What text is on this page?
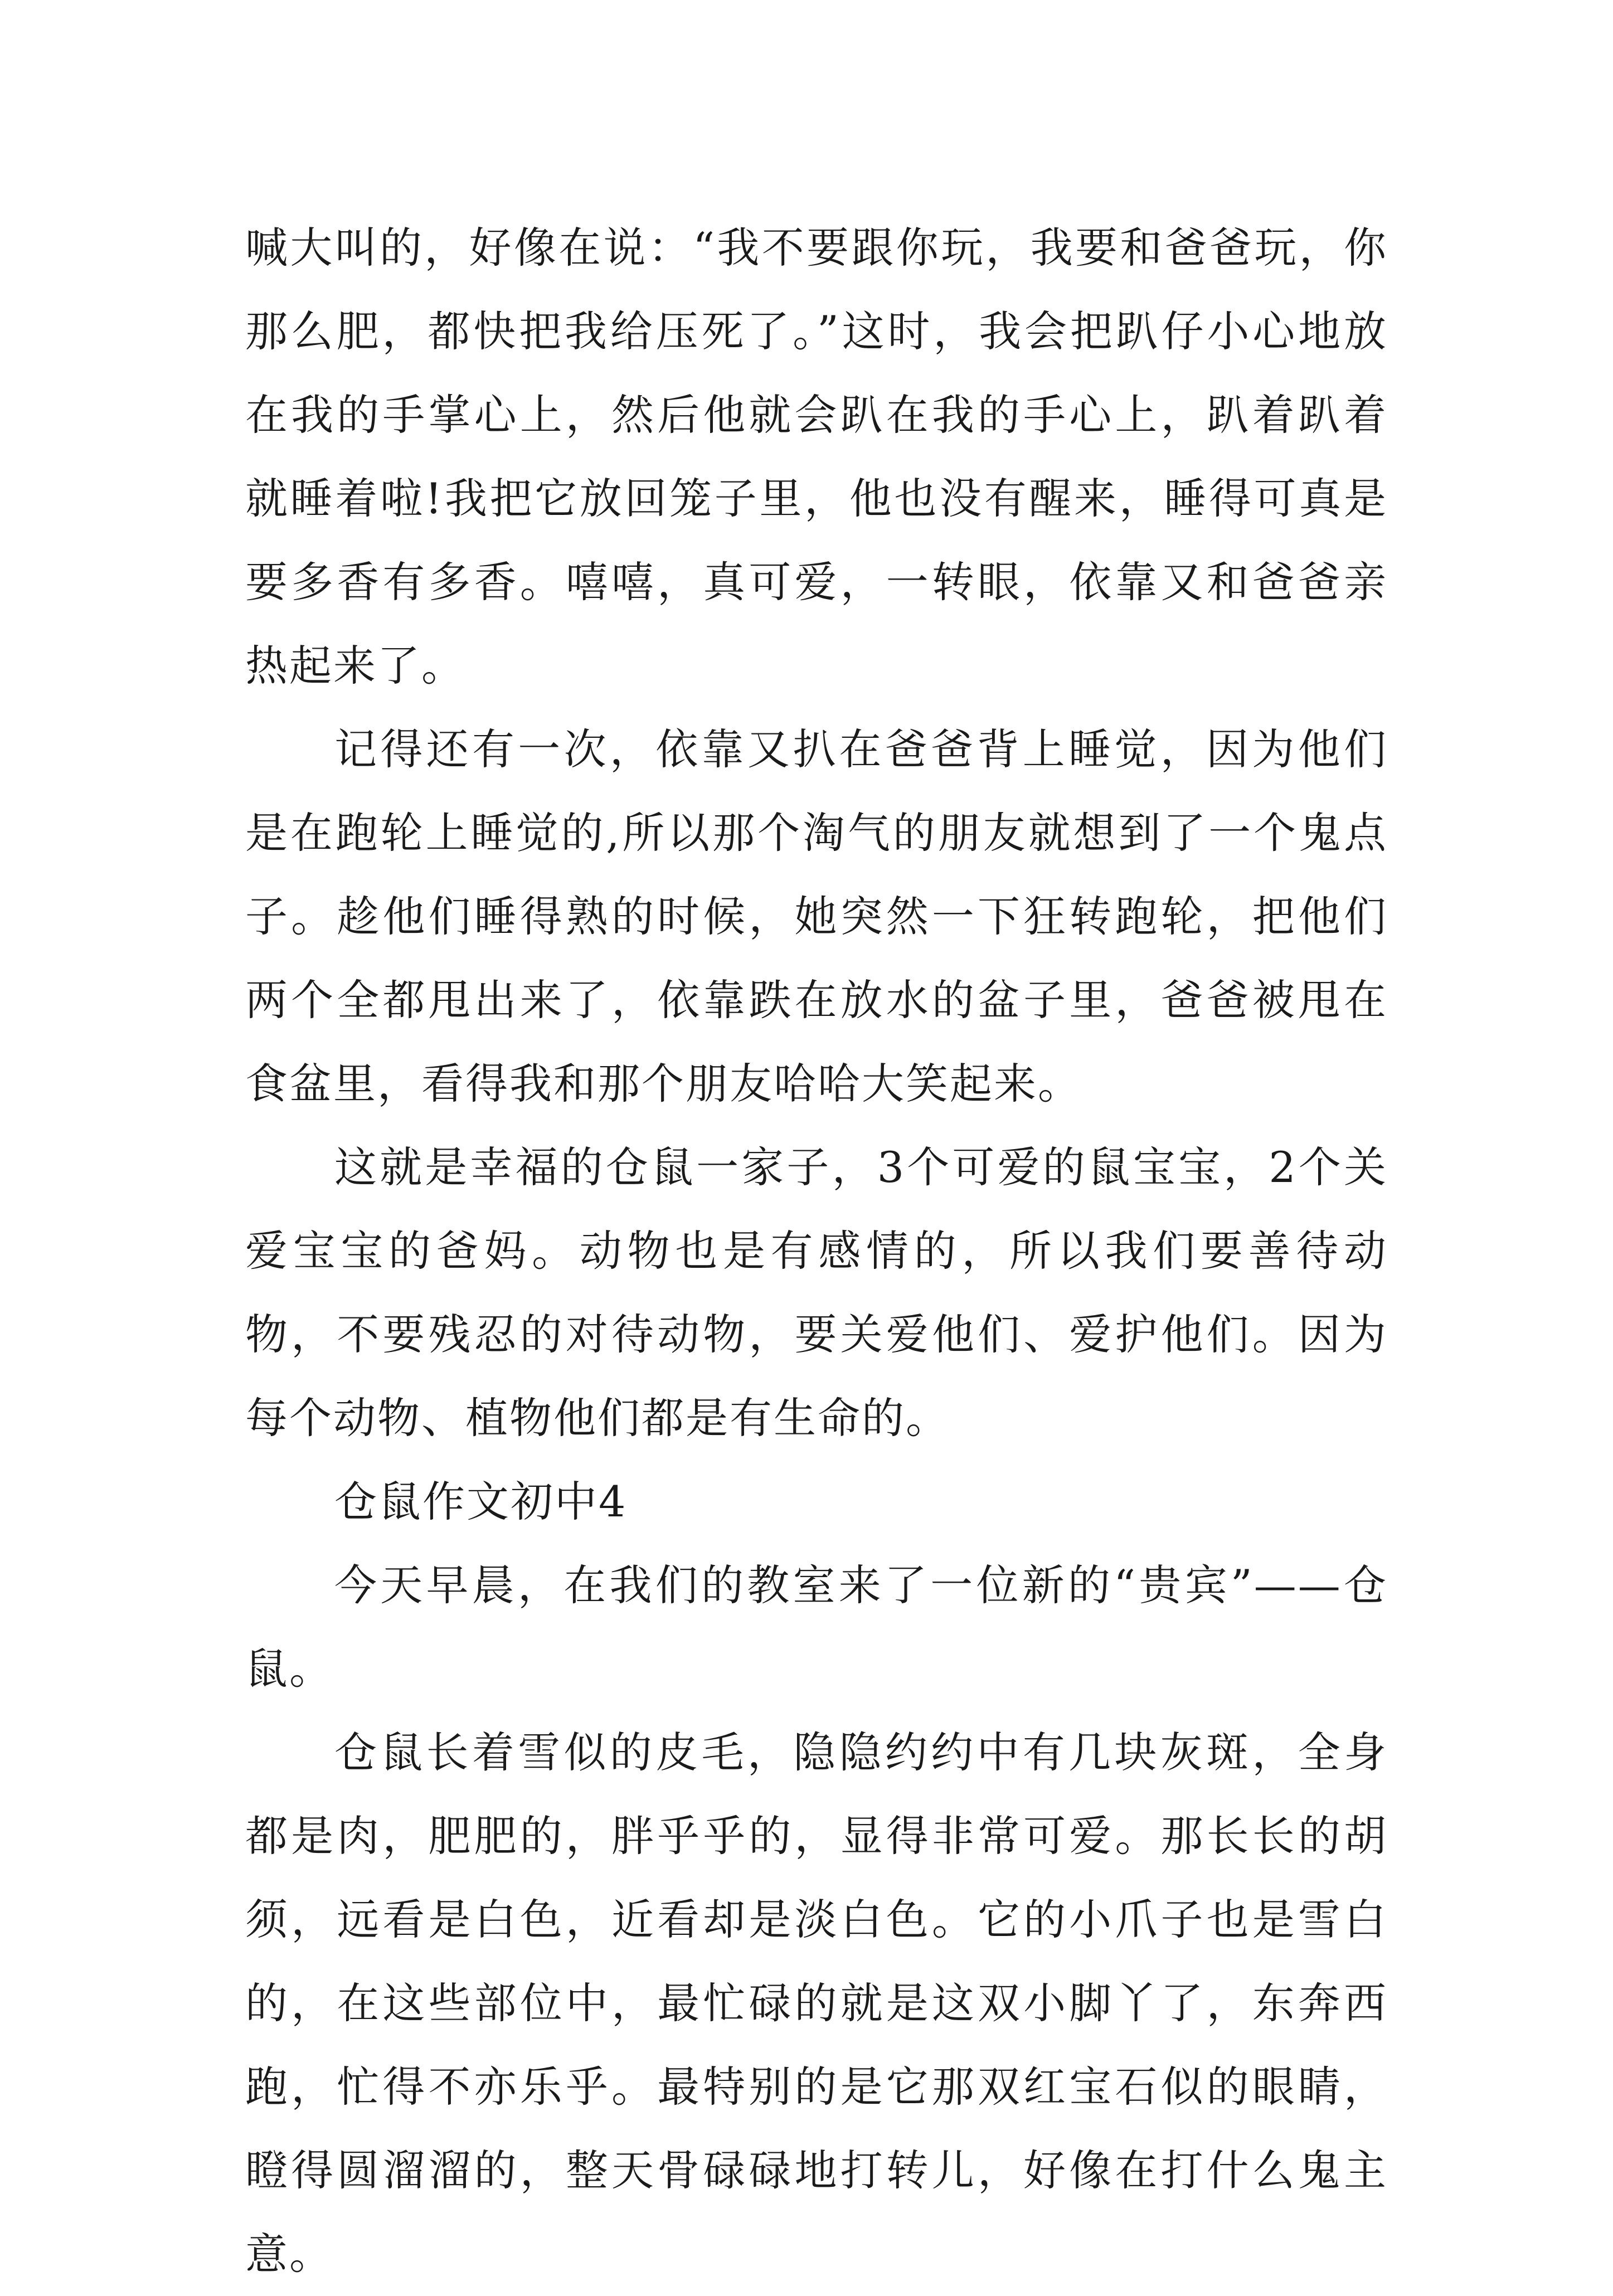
喊大叫的，好像在说：“我不要跟你玩，我要和爸爸玩，你那么肥，都快把我给压死了。”这时，我会把趴仔小心地放在我的手掌心上，然后他就会趴在我的手心上，趴着趴着就睡着啦!我把它放回笼子里，他也没有醒来，睡得可真是要多香有多香。嘻嘻，真可爱，一转眼，依靠又和爸爸亲热起来了。

记得还有一次，依靠又扒在爸爸背上睡觉，因为他们是在跑轮上睡觉的,所以那个淘气的朋友就想到了一个鬼点子。趁他们睡得熟的时候，她突然一下狂转跑轮，把他们两个全都甩出来了，依靠跌在放水的盆子里，爸爸被甩在食盆里，看得我和那个朋友哈哈大笑起来。

这就是幸福的仓鼠一家子，3个可爱的鼠宝宝，2个关爱宝宝的爸妈。动物也是有感情的，所以我们要善待动物，不要残忍的对待动物，要关爱他们、爱护他们。因为每个动物、植物他们都是有生命的。

仓鼠作文初中4

今天早晨，在我们的教室来了一位新的“贵宾”——仓鼠。

仓鼠长着雪似的皮毛，隐隐约约中有几块灰斑，全身都是肉，肥肥的，胖乎乎的，显得非常可爱。那长长的胡须，远看是白色，近看却是淡白色。它的小爪子也是雪白的，在这些部位中，最忙碌的就是这双小脚丫了，东奔西跑，忙得不亦乐乎。最特别的是它那双红宝石似的眼睛，瞪得圆溜溜的，整天骨碌碌地打转儿，好像在打什么鬼主意。
